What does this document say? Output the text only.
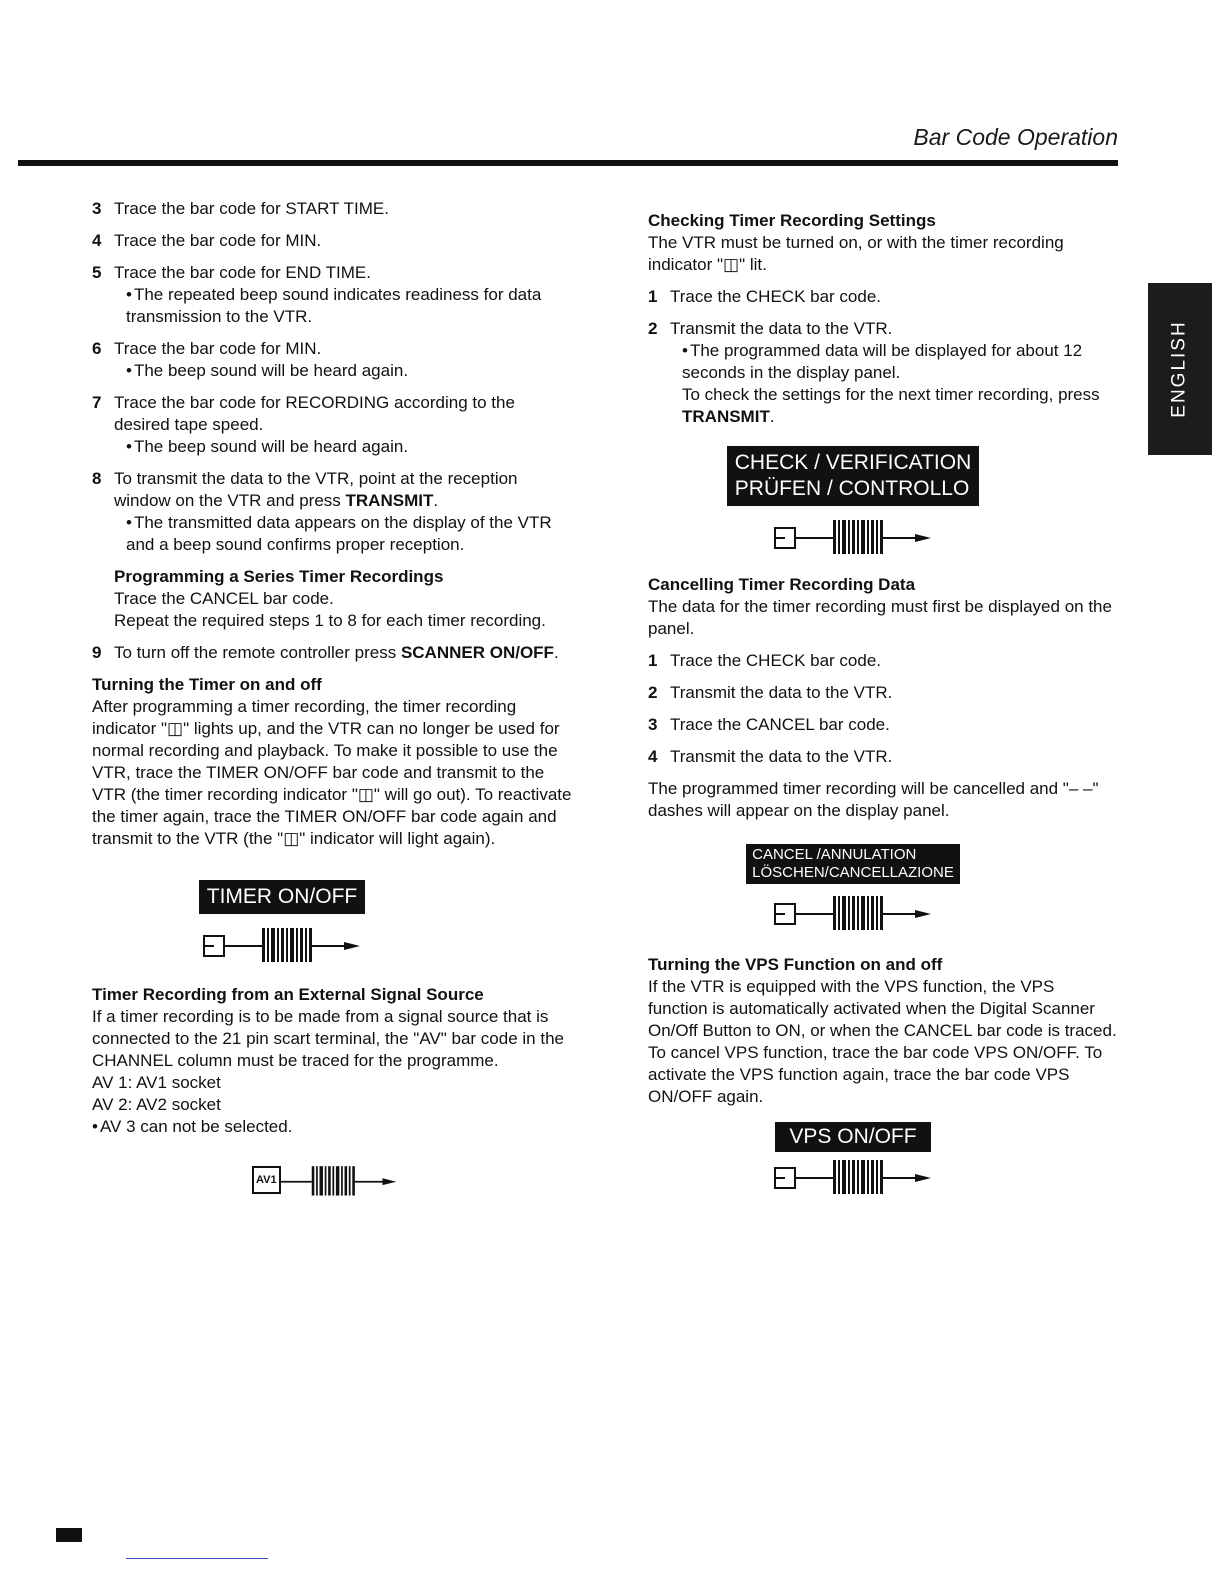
Bar Code Operation
ENGLISH
3 Trace the bar code for START TIME.
4 Trace the bar code for MIN.
5 Trace the bar code for END TIME.
• The repeated beep sound indicates readiness for data transmission to the VTR.
6 Trace the bar code for MIN.
• The beep sound will be heard again.
7 Trace the bar code for RECORDING according to the desired tape speed.
• The beep sound will be heard again.
8 To transmit the data to the VTR, point at the reception window on the VTR and press TRANSMIT.
• The transmitted data appears on the display of the VTR and a beep sound confirms proper reception.
Programming a Series Timer Recordings
Trace the CANCEL bar code.
Repeat the required steps 1 to 8 for each timer recording.
9 To turn off the remote controller press SCANNER ON/OFF.
Turning the Timer on and off
After programming a timer recording, the timer recording indicator "◫" lights up, and the VTR can no longer be used for normal recording and playback. To make it possible to use the VTR, trace the TIMER ON/OFF bar code and transmit to the VTR (the timer recording indicator "◫" will go out). To reactivate the timer again, trace the TIMER ON/OFF bar code again and transmit to the VTR (the "◫" indicator will light again).
TIMER ON/OFF
Timer Recording from an External Signal Source
If a timer recording is to be made from a signal source that is connected to the 21 pin scart terminal, the "AV" bar code in the CHANNEL column must be traced for the programme.
AV 1: AV1 socket
AV 2: AV2 socket
• AV 3 can not be selected.
AV1
Checking Timer Recording Settings
The VTR must be turned on, or with the timer recording indicator "◫" lit.
1 Trace the CHECK bar code.
2 Transmit the data to the VTR.
• The programmed data will be displayed for about 12 seconds in the display panel.
To check the settings for the next timer recording, press TRANSMIT.
CHECK / VERIFICATION
PRÜFEN / CONTROLLO
Cancelling Timer Recording Data
The data for the timer recording must first be displayed on the panel.
1 Trace the CHECK bar code.
2 Transmit the data to the VTR.
3 Trace the CANCEL bar code.
4 Transmit the data to the VTR.
The programmed timer recording will be cancelled and "– –" dashes will appear on the display panel.
CANCEL /ANNULATION
LÖSCHEN/CANCELLAZIONE
Turning the VPS Function on and off
If the VTR is equipped with the VPS function, the VPS function is automatically activated when the Digital Scanner On/Off Button to ON, or when the CANCEL bar code is traced. To cancel VPS function, trace the bar code VPS ON/OFF. To activate the VPS function again, trace the bar code VPS ON/OFF again.
VPS ON/OFF
